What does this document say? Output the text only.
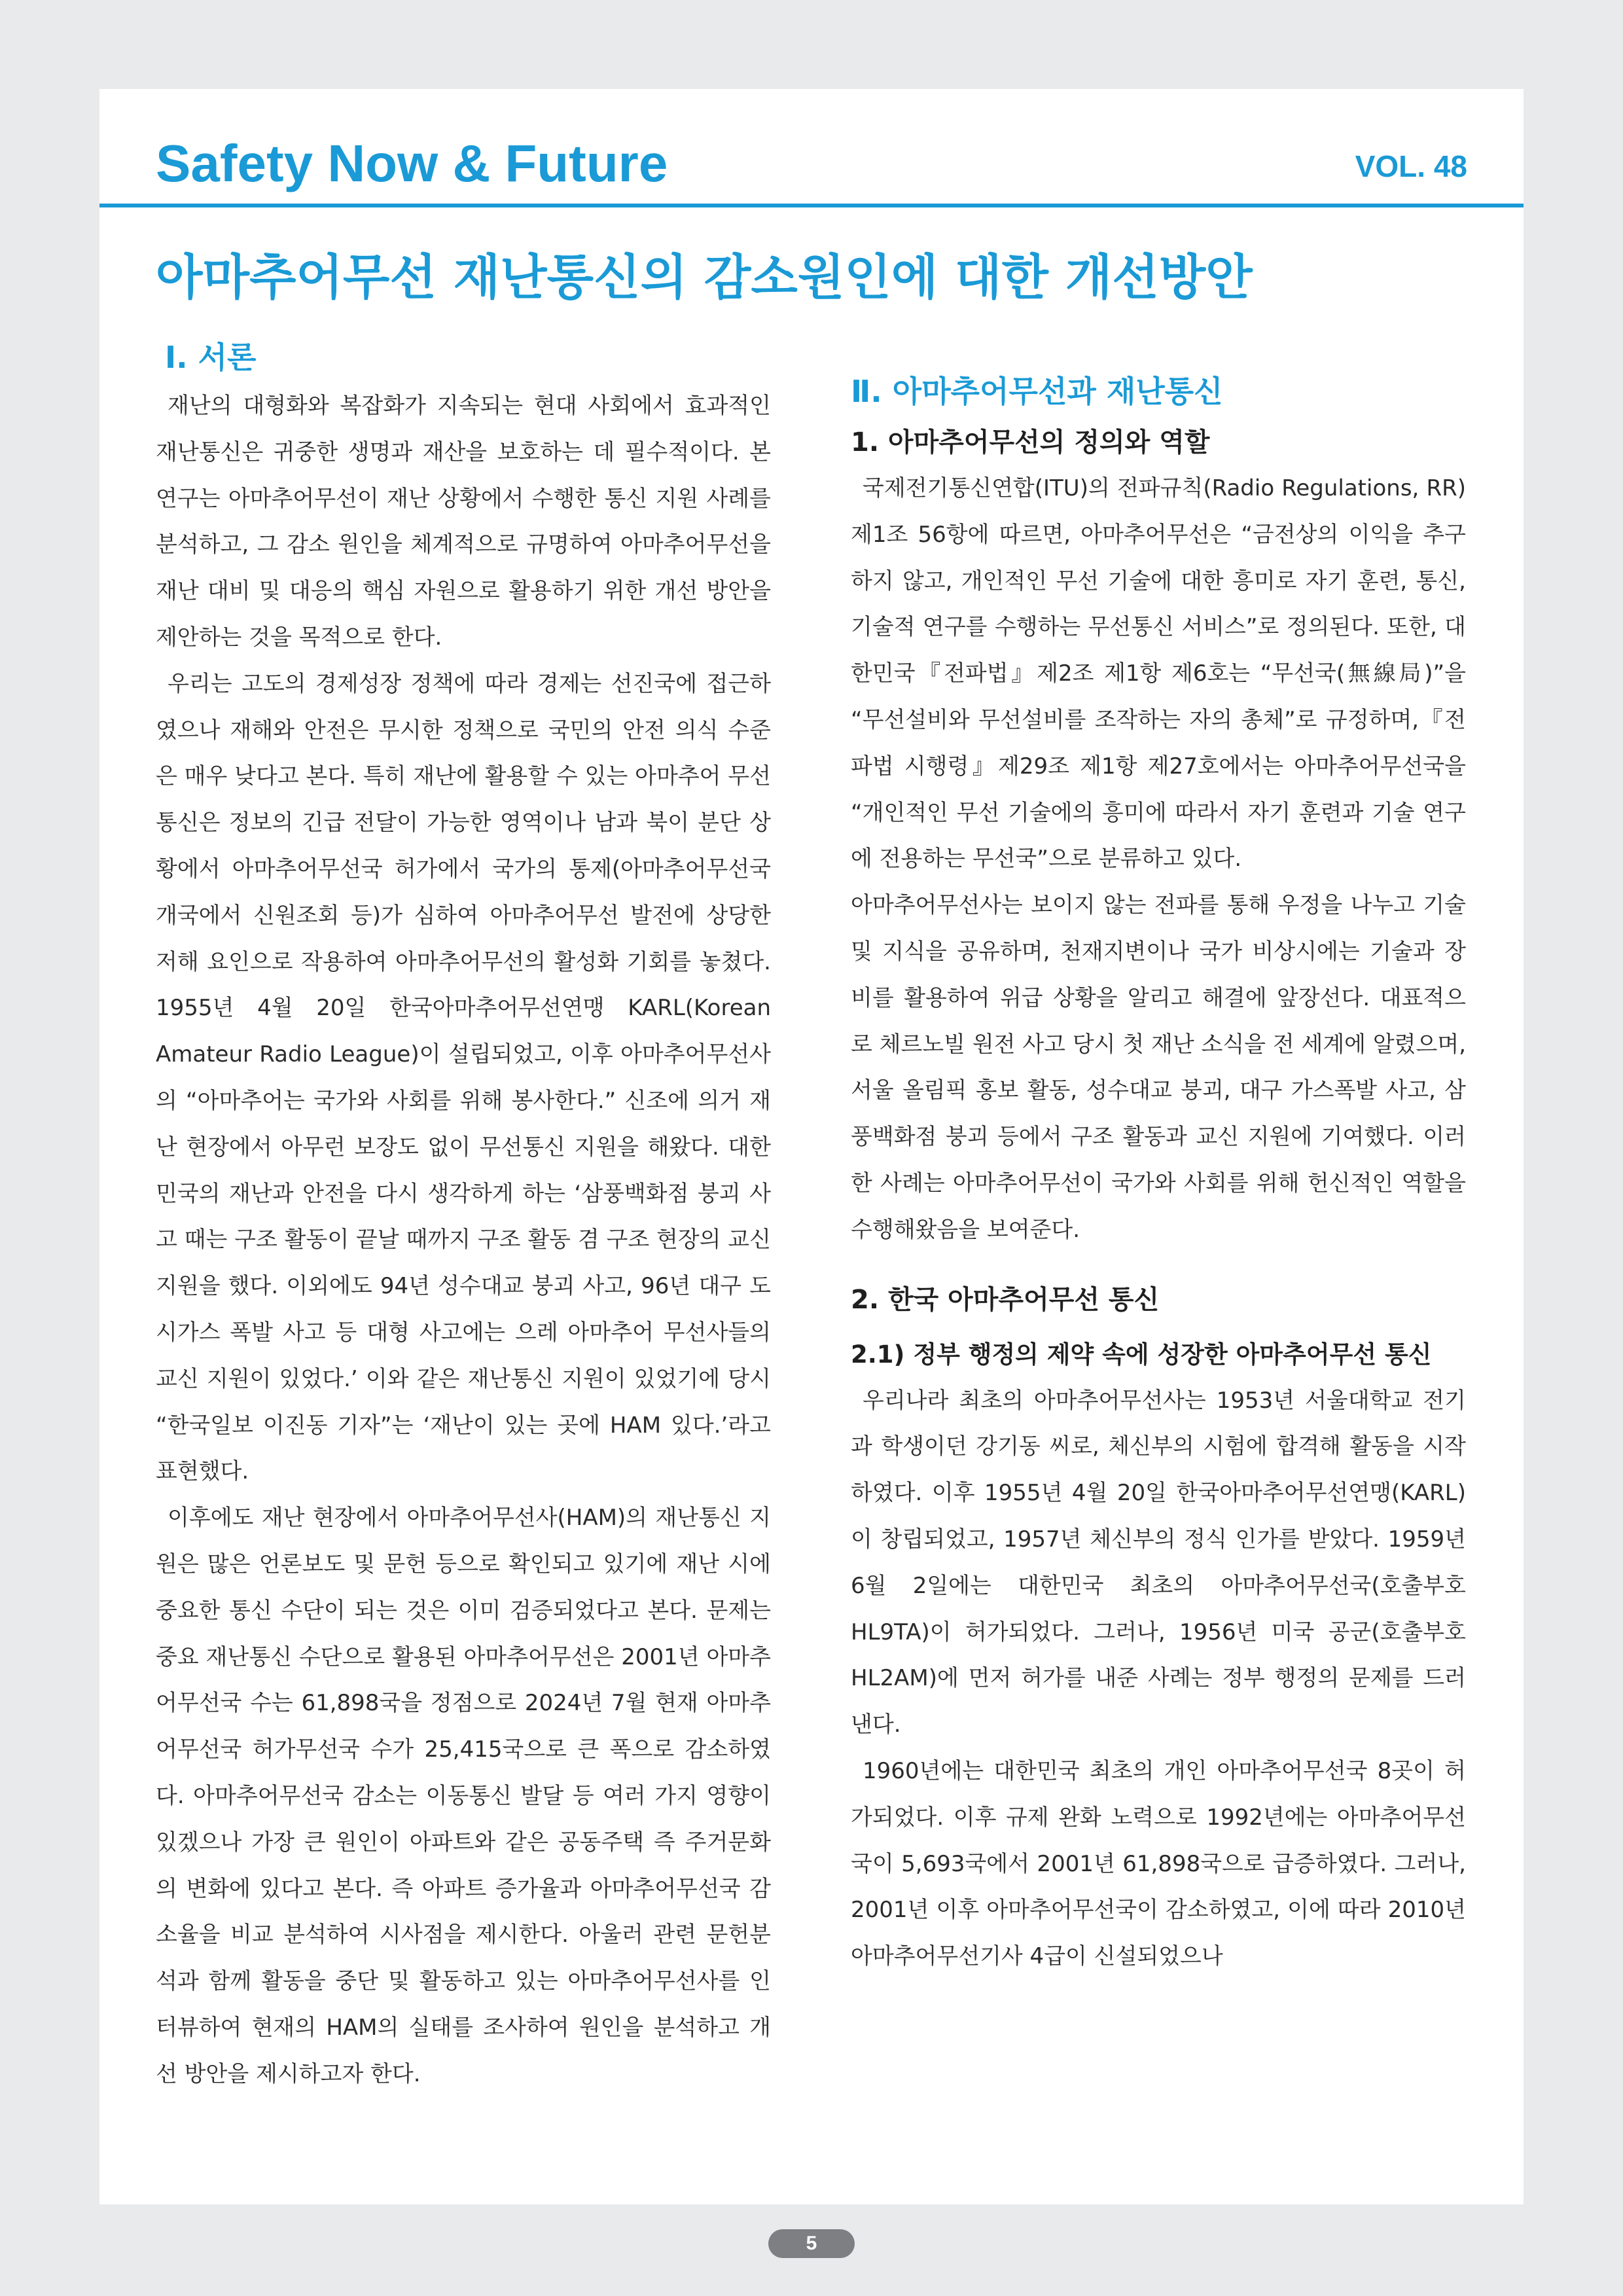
Safety Now & Future	VOL. 48
아마추어무선 재난통신의 감소원인에 대한 개선방안
Ⅰ. 서론

재난의 대형화와 복잡화가 지속되는 현대 사회에서 효과적인 재난통신은 귀중한 생명과 재산을 보호하는 데 필수적이다. 본 연구는 아마추어무선이 재난 상황에서 수행한 통신 지원 사례를 분석하고, 그 감소 원인을 체계적으로 규명하여 아마추어무선을 재난 대비 및 대응의 핵심 자원으로 활용하기 위한 개선 방안을 제안하는 것을 목적으로 한다.

우리는 고도의 경제성장 정책에 따라 경제는 선진국에 접근하였으나 재해와 안전은 무시한 정책으로 국민의 안전 의식 수준은 매우 낮다고 본다. 특히 재난에 활용할 수 있는 아마추어 무선통신은 정보의 긴급 전달이 가능한 영역이나 남과 북이 분단 상황에서 아마추어무선국 허가에서 국가의 통제(아마추어무선국 개국에서 신원조회 등)가 심하여 아마추어무선 발전에 상당한 저해 요인으로 작용하여 아마추어무선의 활성화 기회를 놓쳤다. 1955년 4월 20일 한국아마추어무선연맹 KARL(Korean Amateur Radio League)이 설립되었고, 이후 아마추어무선사의 “아마추어는 국가와 사회를 위해 봉사한다.” 신조에 의거 재난 현장에서 아무런 보장도 없이 무선통신 지원을 해왔다. 대한민국의 재난과 안전을 다시 생각하게 하는 ‘삼풍백화점 붕괴 사고 때는 구조 활동이 끝날 때까지 구조 활동 겸 구조 현장의 교신 지원을 했다. 이외에도 94년 성수대교 붕괴 사고, 96년 대구 도시가스 폭발 사고 등 대형 사고에는 으레 아마추어 무선사들의 교신 지원이 있었다.’ 이와 같은 재난통신 지원이 있었기에 당시 “한국일보 이진동 기자”는 ‘재난이 있는 곳에 HAM 있다.’라고 표현했다.

이후에도 재난 현장에서 아마추어무선사(HAM)의 재난통신 지원은 많은 언론보도 및 문헌 등으로 확인되고 있기에 재난 시에 중요한 통신 수단이 되는 것은 이미 검증되었다고 본다. 문제는 중요 재난통신 수단으로 활용된 아마추어무선은 2001년 아마추어무선국 수는 61,898국을 정점으로 2024년 7월 현재 아마추어무선국 허가무선국 수가 25,415국으로 큰 폭으로 감소하였다. 아마추어무선국 감소는 이동통신 발달 등 여러 가지 영향이 있겠으나 가장 큰 원인이 아파트와 같은 공동주택 즉 주거문화의 변화에 있다고 본다. 즉 아파트 증가율과 아마추어무선국 감소율을 비교 분석하여 시사점을 제시한다. 아울러 관련 문헌분석과 함께 활동을 중단 및 활동하고 있는 아마추어무선사를 인터뷰하여 현재의 HAM의 실태를 조사하여 원인을 분석하고 개선 방안을 제시하고자 한다.

Ⅱ. 아마추어무선과 재난통신
1. 아마추어무선의 정의와 역할

국제전기통신연합(ITU)의 전파규칙(Radio Regulations, RR) 제1조 56항에 따르면, 아마추어무선은 “금전상의 이익을 추구하지 않고, 개인적인 무선 기술에 대한 흥미로 자기 훈련, 통신, 기술적 연구를 수행하는 무선통신 서비스”로 정의된다. 또한, 대한민국『전파법』제2조 제1항 제6호는 “무선국(無線局)”을 “무선설비와 무선설비를 조작하는 자의 총체”로 규정하며,『전파법 시행령』제29조 제1항 제27호에서는 아마추어무선국을 “개인적인 무선 기술에의 흥미에 따라서 자기 훈련과 기술 연구에 전용하는 무선국”으로 분류하고 있다.

아마추어무선사는 보이지 않는 전파를 통해 우정을 나누고 기술 및 지식을 공유하며, 천재지변이나 국가 비상시에는 기술과 장비를 활용하여 위급 상황을 알리고 해결에 앞장선다. 대표적으로 체르노빌 원전 사고 당시 첫 재난 소식을 전 세계에 알렸으며, 서울 올림픽 홍보 활동, 성수대교 붕괴, 대구 가스폭발 사고, 삼풍백화점 붕괴 등에서 구조 활동과 교신 지원에 기여했다. 이러한 사례는 아마추어무선이 국가와 사회를 위해 헌신적인 역할을 수행해왔음을 보여준다.

2. 한국 아마추어무선 통신
2.1) 정부 행정의 제약 속에 성장한 아마추어무선 통신

우리나라 최초의 아마추어무선사는 1953년 서울대학교 전기과 학생이던 강기동 씨로, 체신부의 시험에 합격해 활동을 시작하였다. 이후 1955년 4월 20일 한국아마추어무선연맹(KARL)이 창립되었고, 1957년 체신부의 정식 인가를 받았다. 1959년 6월 2일에는 대한민국 최초의 아마추어무선국(호출부호 HL9TA)이 허가되었다. 그러나, 1956년 미국 공군(호출부호 HL2AM)에 먼저 허가를 내준 사례는 정부 행정의 문제를 드러낸다.

1960년에는 대한민국 최초의 개인 아마추어무선국 8곳이 허가되었다. 이후 규제 완화 노력으로 1992년에는 아마추어무선국이 5,693국에서 2001년 61,898국으로 급증하였다. 그러나, 2001년 이후 아마추어무선국이 감소하였고, 이에 따라 2010년 아마추어무선기사 4급이 신설되었으나

5
